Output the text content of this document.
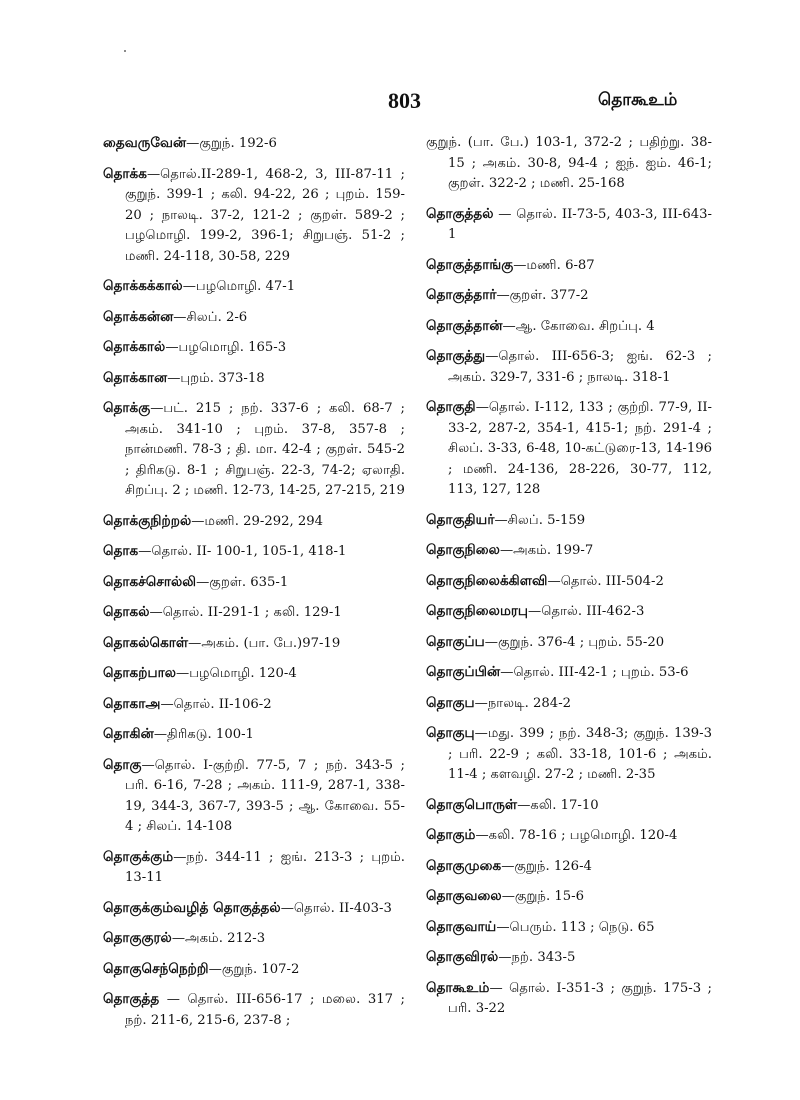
803	தொகூஉம்

தைவருவேன்—குறுந். 192-6

தொக்க—தொல்.II-289-1, 468-2, 3, III-87-11 ; குறுந். 399-1 ; கலி. 94-22, 26 ; புறம். 159-20 ; நாலடி. 37-2, 121-2 ; குறள். 589-2 ; பழமொழி. 199-2, 396-1; சிறுபஞ். 51-2 ; மணி. 24-118, 30-58, 229

தொக்கக்கால்—பழமொழி. 47-1

தொக்கன்ன—சிலப். 2-6

தொக்கால்—பழமொழி. 165-3

தொக்கான—புறம். 373-18

தொக்கு—பட். 215 ; நற். 337-6 ; கலி. 68-7 ; அகம். 341-10 ; புறம். 37-8, 357-8 ; நான்மணி. 78-3 ; தி. மா. 42-4 ; குறள். 545-2 ; திரிகடு. 8-1 ; சிறுபஞ். 22-3, 74-2; ஏலாதி. சிறப்பு. 2 ; மணி. 12-73, 14-25, 27-215, 219

தொக்குநிற்றல்—மணி. 29-292, 294

தொக—தொல். II- 100-1, 105-1, 418-1

தொகச்சொல்லி—குறள். 635-1

தொகல்—தொல். II-291-1 ; கலி. 129-1

தொகல்கொள்—அகம். (பா. பே.)97-19

தொகற்பால—பழமொழி. 120-4

தொகாஅ—தொல். II-106-2

தொகின்—திரிகடு. 100-1

தொகு—தொல். I-குற்றி. 77-5, 7 ; நற். 343-5 ; பரி. 6-16, 7-28 ; அகம். 111-9, 287-1, 338-19, 344-3, 367-7, 393-5 ; ஆ. கோவை. 55-4 ; சிலப். 14-108

தொகுக்கும்—நற். 344-11 ; ஐங். 213-3 ; புறம். 13-11

தொகுக்கும்வழித் தொகுத்தல்—தொல். II-403-3

தொகுகுரல்—அகம். 212-3

தொகுசெந்நெற்றி—குறுந். 107-2

தொகுத்த — தொல். III-656-17 ; மலை. 317 ; நற். 211-6, 215-6, 237-8 ;

குறுந். (பா. பே.) 103-1, 372-2 ; பதிற்று. 38-15 ; அகம். 30-8, 94-4 ; ஐந். ஐம். 46-1; குறள். 322-2 ; மணி. 25-168

தொகுத்தல் — தொல். II-73-5, 403-3, III-643-1

தொகுத்தாங்கு—மணி. 6-87

தொகுத்தார்—குறள். 377-2

தொகுத்தான்—ஆ. கோவை. சிறப்பு. 4

தொகுத்து—தொல். III-656-3; ஐங். 62-3 ; அகம். 329-7, 331-6 ; நாலடி. 318-1

தொகுதி—தொல். I-112, 133 ; குற்றி. 77-9, II-33-2, 287-2, 354-1, 415-1; நற். 291-4 ; சிலப். 3-33, 6-48, 10-கட்டுரை-13, 14-196 ; மணி. 24-136, 28-226, 30-77, 112, 113, 127, 128

தொகுதியர்—சிலப். 5-159

தொகுநிலை—அகம். 199-7

தொகுநிலைக்கிளவி—தொல். III-504-2

தொகுநிலைமரபு—தொல். III-462-3

தொகுப்ப—குறுந். 376-4 ; புறம். 55-20

தொகுப்பின்—தொல். III-42-1 ; புறம். 53-6

தொகுப—நாலடி. 284-2

தொகுபு—மது. 399 ; நற். 348-3; குறுந். 139-3 ; பரி. 22-9 ; கலி. 33-18, 101-6 ; அகம். 11-4 ; களவழி. 27-2 ; மணி. 2-35

தொகுபொருள்—கலி. 17-10

தொகும்—கலி. 78-16 ; பழமொழி. 120-4

தொகுமுகை—குறுந். 126-4

தொகுவலை—குறுந். 15-6

தொகுவாய்—பெரும். 113 ; நெடு. 65

தொகுவிரல்—நற். 343-5

தொகூஉம்— தொல். I-351-3 ; குறுந். 175-3 ; பரி. 3-22
